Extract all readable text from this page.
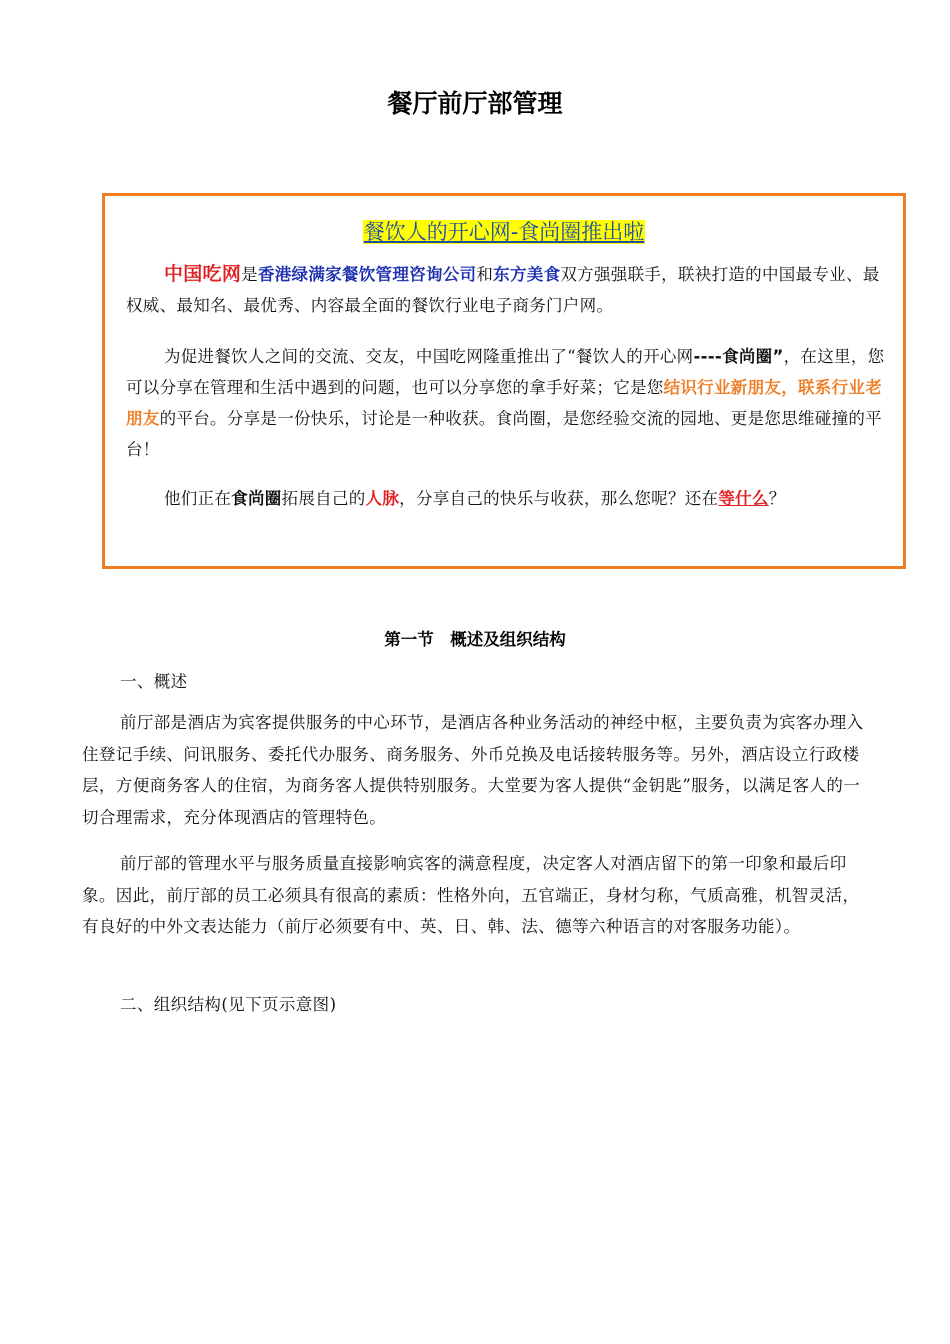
餐厅前厅部管理
餐饮人的开心网-食尚圈推出啦

中国吃网是香港绿满家餐饮管理咨询公司和东方美食双方强强联手，联袂打造的中国最专业、最权威、最知名、最优秀、内容最全面的餐饮行业电子商务门户网。

为促进餐饮人之间的交流、交友，中国吃网隆重推出了“餐饮人的开心网----食尚圈”，在这里，您可以分享在管理和生活中遇到的问题，也可以分享您的拿手好菜；它是您结识行业新朋友，联系行业老朋友的平台。分享是一份快乐，讨论是一种收获。食尚圈，是您经验交流的园地、更是您思维碰撞的平台！

他们正在食尚圈拓展自己的人脉，分享自己的快乐与收获，那么您呢？还在等什么？

第一节　概述及组织结构

一、概述

前厅部是酒店为宾客提供服务的中心环节，是酒店各种业务活动的神经中枢，主要负责为宾客办理入住登记手续、问讯服务、委托代办服务、商务服务、外币兑换及电话接转服务等。另外，酒店设立行政楼层，方便商务客人的住宿，为商务客人提供特别服务。大堂要为客人提供“金钥匙”服务，以满足客人的一切合理需求，充分体现酒店的管理特色。

前厅部的管理水平与服务质量直接影响宾客的满意程度，决定客人对酒店留下的第一印象和最后印象。因此，前厅部的员工必须具有很高的素质：性格外向，五官端正，身材匀称，气质高雅，机智灵活，有良好的中外文表达能力（前厅必须要有中、英、日、韩、法、德等六种语言的对客服务功能）。

二、组织结构(见下页示意图)
